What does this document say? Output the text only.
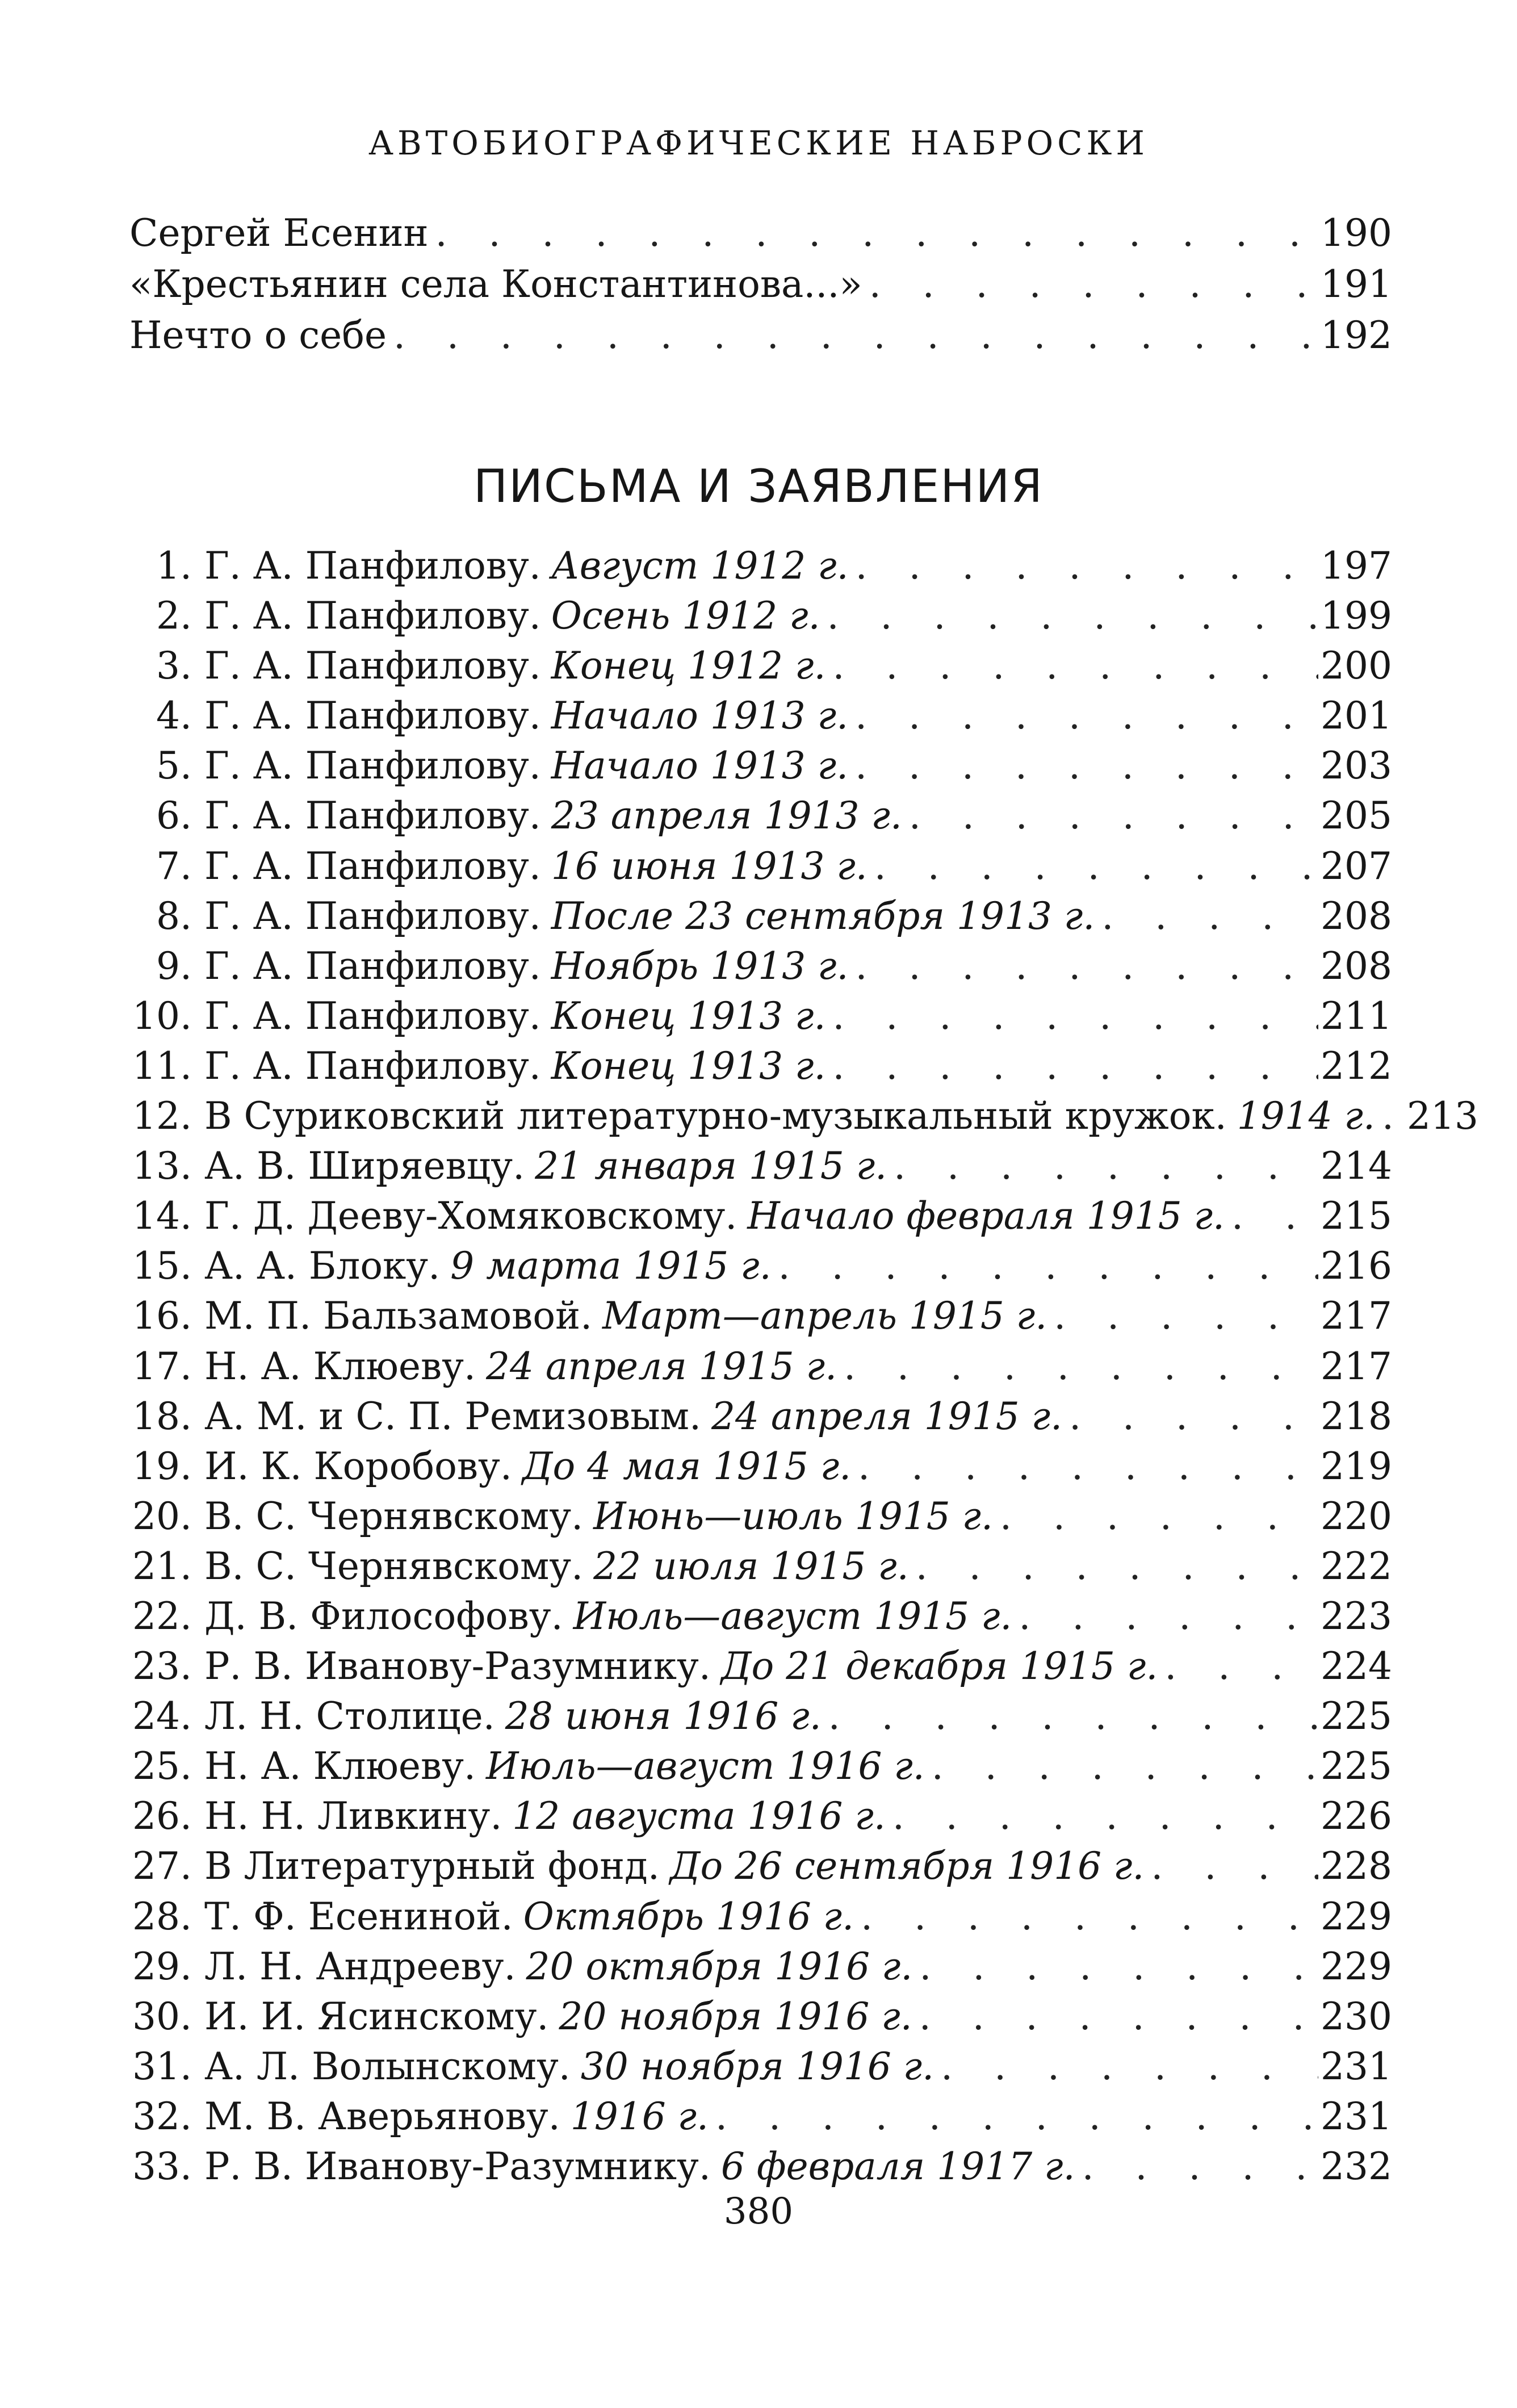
АВТОБИОГРАФИЧЕСКИЕ НАБРОСКИ
Сергей Есенин . . .	190
«Крестьянин села Константинова...» . . .	191
Нечто о себе . . .	192
ПИСЬМА И ЗАЯВЛЕНИЯ
1. Г. А. Панфилову. Август 1912 г. . . .	197
2. Г. А. Панфилову. Осень 1912 г. . . .	199
3. Г. А. Панфилову. Конец 1912 г. . . .	200
4. Г. А. Панфилову. Начало 1913 г. . . .	201
5. Г. А. Панфилову. Начало 1913 г. . . .	203
6. Г. А. Панфилову. 23 апреля 1913 г. . . .	205
7. Г. А. Панфилову. 16 июня 1913 г. . . .	207
8. Г. А. Панфилову. После 23 сентября 1913 г. . . .	208
9. Г. А. Панфилову. Ноябрь 1913 г. . . .	208
10. Г. А. Панфилову. Конец 1913 г. . . .	211
11. Г. А. Панфилову. Конец 1913 г. . . .	212
12. В Суриковский литературно-музыкальный кружок. 1914 г. . . . 213
13. А. В. Ширяевцу. 21 января 1915 г. . . .	214
14. Г. Д. Дееву-Хомяковскому. Начало февраля 1915 г. . . .	215
15. А. А. Блоку. 9 марта 1915 г. . . .	216
16. М. П. Бальзамовой. Март—апрель 1915 г. . . .	217
17. Н. А. Клюеву. 24 апреля 1915 г. . . .	217
18. А. М. и С. П. Ремизовым. 24 апреля 1915 г. . . .	218
19. И. К. Коробову. До 4 мая 1915 г. . . .	219
20. В. С. Чернявскому. Июнь—июль 1915 г. . . .	220
21. В. С. Чернявскому. 22 июля 1915 г. . . .	222
22. Д. В. Философову. Июль—август 1915 г. . . .	223
23. Р. В. Иванову-Разумнику. До 21 декабря 1915 г. . . .	224
24. Л. Н. Столице. 28 июня 1916 г. . . .	225
25. Н. А. Клюеву. Июль—август 1916 г. . . .	225
26. Н. Н. Ливкину. 12 августа 1916 г. . . .	226
27. В Литературный фонд. До 26 сентября 1916 г. . . .	228
28. Т. Ф. Есениной. Октябрь 1916 г. . . .	229
29. Л. Н. Андрееву. 20 октября 1916 г. . . .	229
30. И. И. Ясинскому. 20 ноября 1916 г. . . .	230
31. А. Л. Волынскому. 30 ноября 1916 г. . . .	231
32. М. В. Аверьянову. 1916 г. . . .	231
33. Р. В. Иванову-Разумнику. 6 февраля 1917 г. . . .	232
380
